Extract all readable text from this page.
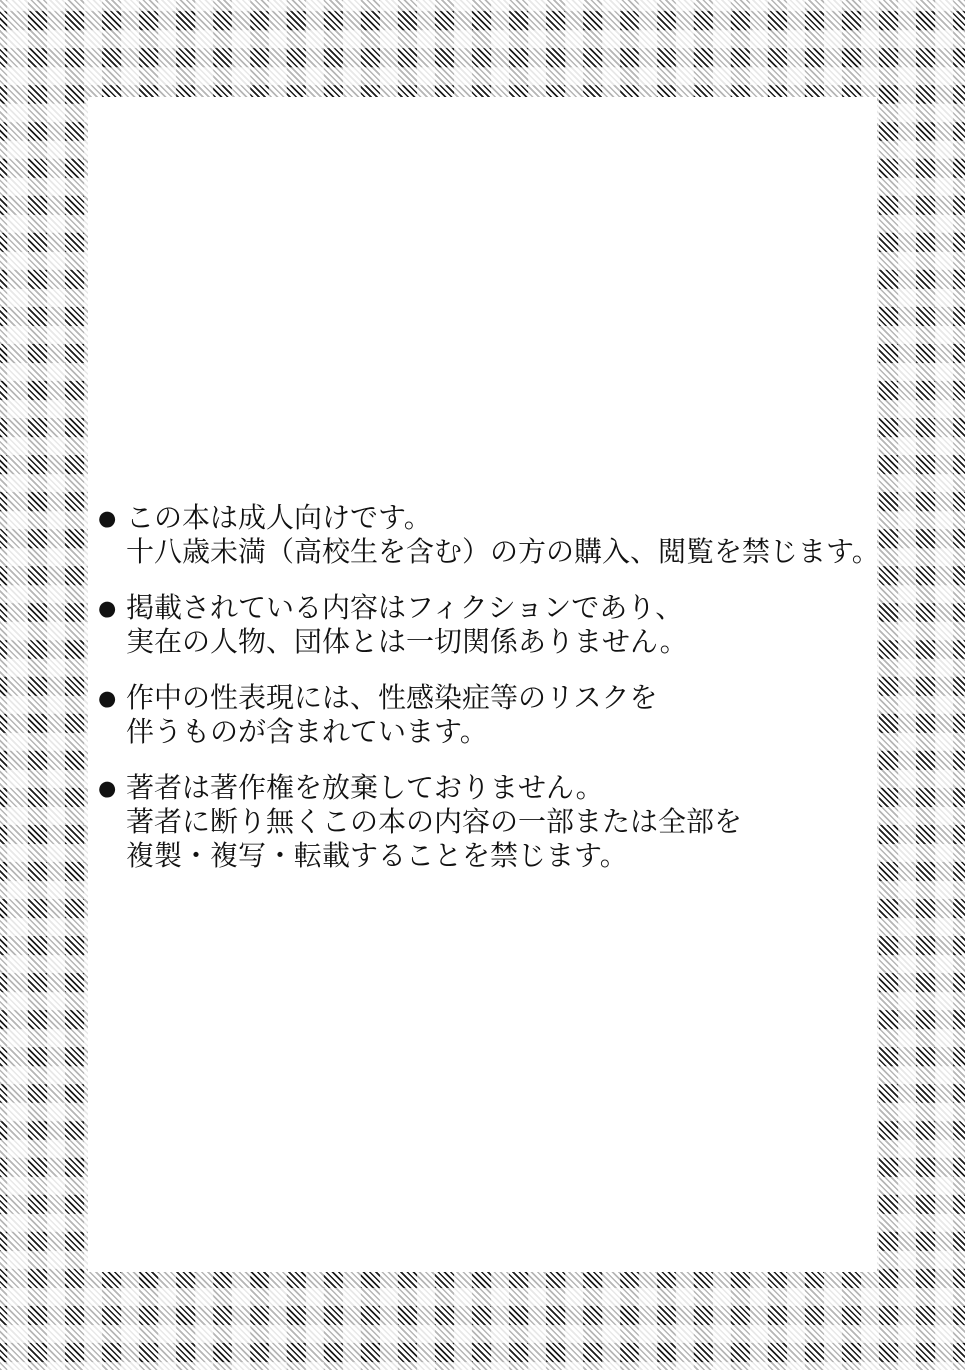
● この本は成人向けです。
十八歳未満（高校生を含む）の方の購入、閲覧を禁じます。
● 掲載されている内容はフィクションであり、
実在の人物、団体とは一切関係ありません。
● 作中の性表現には、性感染症等のリスクを
伴うものが含まれています。
● 著者は著作権を放棄しておりません。
著者に断り無くこの本の内容の一部または全部を
複製・複写・転載することを禁じます。
